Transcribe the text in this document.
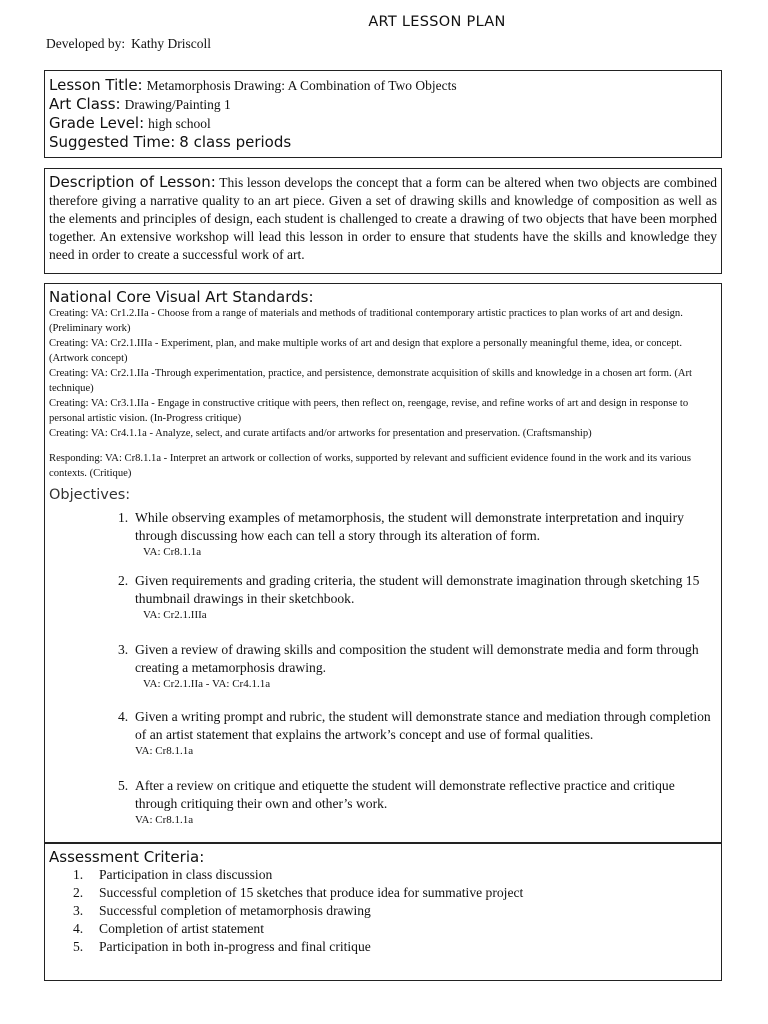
ART LESSON PLAN
Developed by: Kathy Driscoll
Lesson Title: Metamorphosis Drawing: A Combination of Two Objects
Art Class: Drawing/Painting 1
Grade Level: high school
Suggested Time: 8 class periods
Description of Lesson: This lesson develops the concept that a form can be altered when two objects are combined therefore giving a narrative quality to an art piece. Given a set of drawing skills and knowledge of composition as well as the elements and principles of design, each student is challenged to create a drawing of two objects that have been morphed together. An extensive workshop will lead this lesson in order to ensure that students have the skills and knowledge they need in order to create a successful work of art.
National Core Visual Art Standards:
Creating: VA: Cr1.2.IIa - Choose from a range of materials and methods of traditional contemporary artistic practices to plan works of art and design. (Preliminary work)
Creating: VA: Cr2.1.IIIa - Experiment, plan, and make multiple works of art and design that explore a personally meaningful theme, idea, or concept. (Artwork concept)
Creating: VA: Cr2.1.IIa -Through experimentation, practice, and persistence, demonstrate acquisition of skills and knowledge in a chosen art form. (Art technique)
Creating: VA: Cr3.1.IIa - Engage in constructive critique with peers, then reflect on, reengage, revise, and refine works of art and design in response to personal artistic vision. (In-Progress critique)
Creating: VA: Cr4.1.1a - Analyze, select, and curate artifacts and/or artworks for presentation and preservation. (Craftsmanship)
Responding: VA: Cr8.1.1a - Interpret an artwork or collection of works, supported by relevant and sufficient evidence found in the work and its various contexts. (Critique)
Objectives:
1. While observing examples of metamorphosis, the student will demonstrate interpretation and inquiry through discussing how each can tell a story through its alteration of form.
VA: Cr8.1.1a
2. Given requirements and grading criteria, the student will demonstrate imagination through sketching 15 thumbnail drawings in their sketchbook.
VA: Cr2.1.IIIa
3. Given a review of drawing skills and composition the student will demonstrate media and form through creating a metamorphosis drawing.
VA: Cr2.1.IIa - VA: Cr4.1.1a
4. Given a writing prompt and rubric, the student will demonstrate stance and mediation through completion of an artist statement that explains the artwork’s concept and use of formal qualities.
VA: Cr8.1.1a
5. After a review on critique and etiquette the student will demonstrate reflective practice and critique through critiquing their own and other’s work.
VA: Cr8.1.1a
Assessment Criteria:
1. Participation in class discussion
2. Successful completion of 15 sketches that produce idea for summative project
3. Successful completion of metamorphosis drawing
4. Completion of artist statement
5. Participation in both in-progress and final critique
